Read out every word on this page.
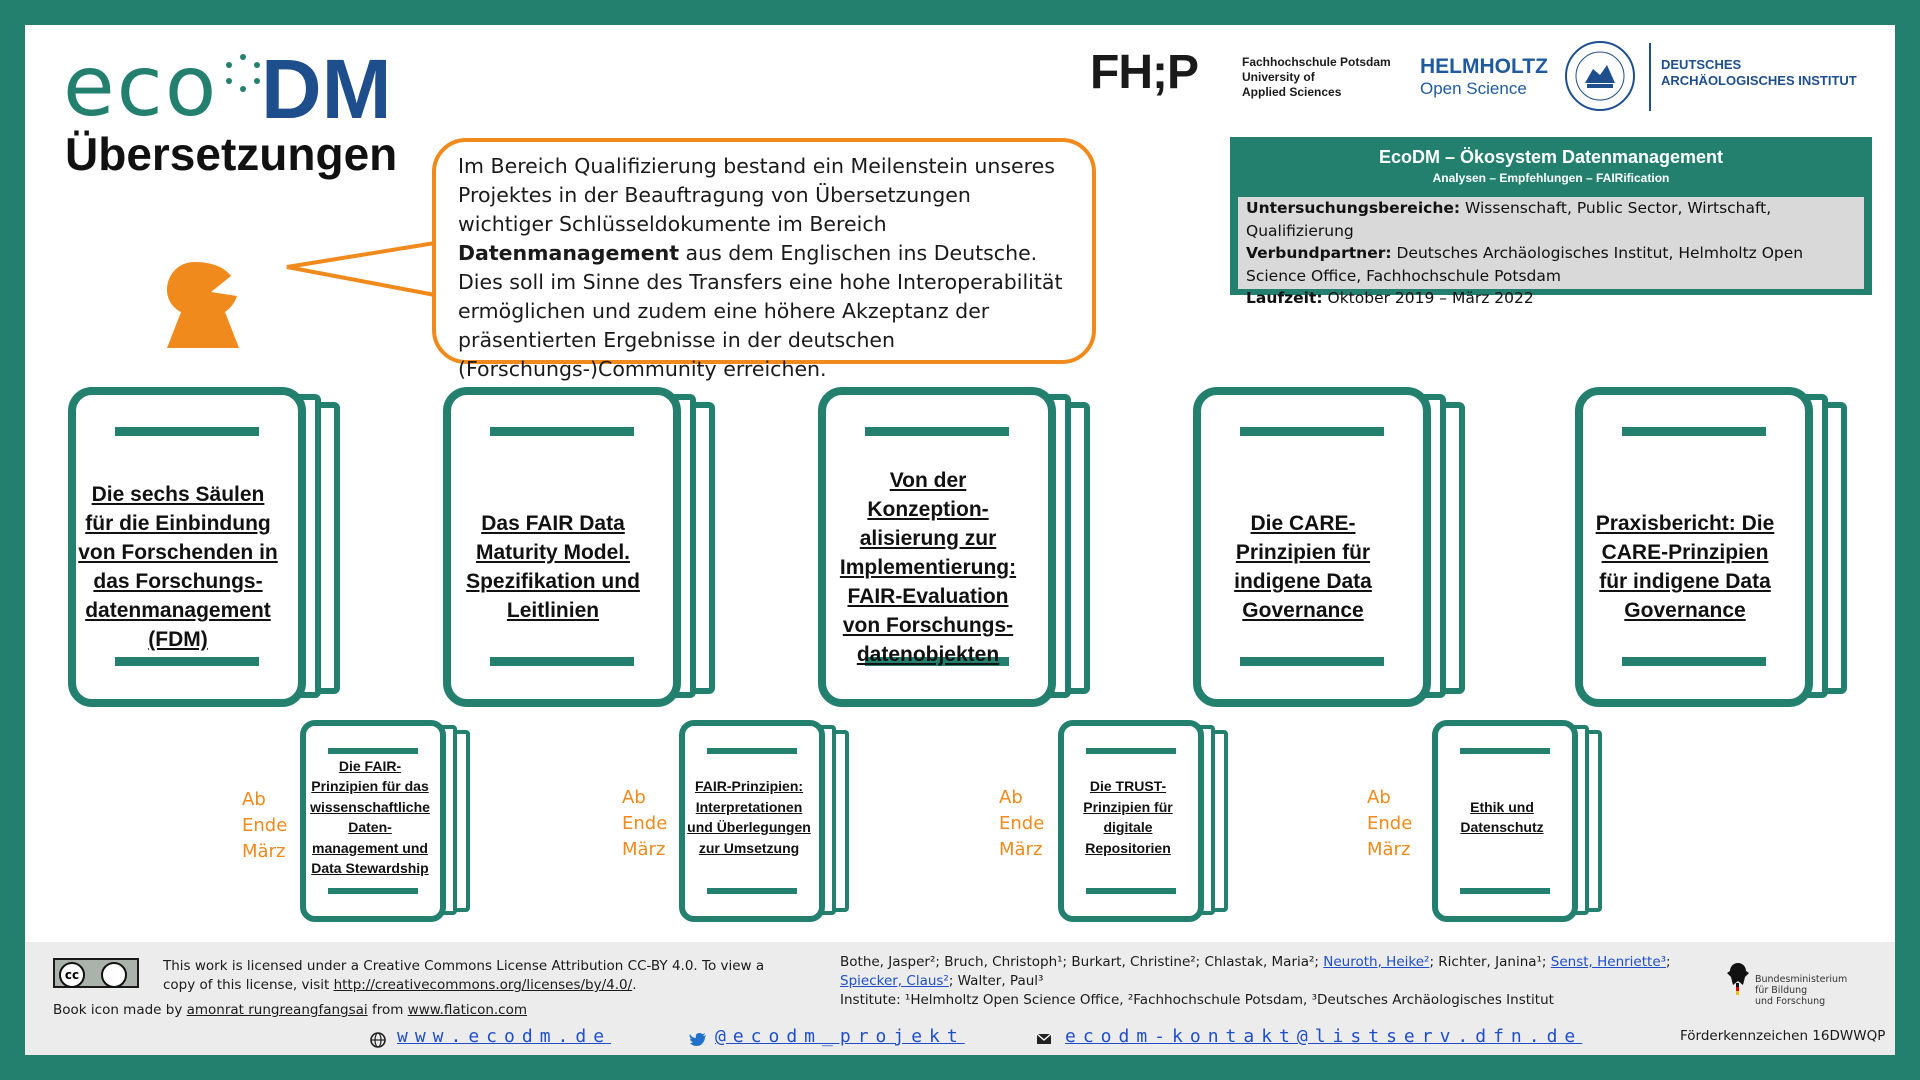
eco DM	FH;P	Fachhochschule Potsdam
University of
Applied Sciences
HELMHOLTZ
Open Science
DEUTSCHES
ARCHÄOLOGISCHES INSTITUT
Übersetzungen	Im Bereich Qualifizierung bestand ein Meilenstein unseres Projektes in der Beauftragung von Übersetzungen wichtiger Schlüsseldokumente im Bereich Datenmanagement aus dem Englischen ins Deutsche. Dies soll im Sinne des Transfers eine hohe Interoperabilität ermöglichen und zudem eine höhere Akzeptanz der präsentierten Ergebnisse in der deutschen (Forschungs-)Community erreichen.

EcoDM – Ökosystem Datenmanagement
Analysen – Empfehlungen – FAIRification
Untersuchungsbereiche: Wissenschaft, Public Sector, Wirtschaft, Qualifizierung
Verbundpartner: Deutsches Archäologisches Institut, Helmholtz Open Science Office, Fachhochschule Potsdam
Laufzeit: Oktober 2019 – März 2022
Die sechs Säulen für die Einbindung von Forschenden in das Forschungs-datenmanagement (FDM)
Das FAIR Data Maturity Model. Spezifikation und Leitlinien
Von der Konzeption-alisierung zur Implementierung: FAIR-Evaluation von Forschungs-datenobjekten
Die CARE-Prinzipien für indigene Data Governance
Praxisbericht: Die CARE-Prinzipien für indigene Data Governance
Ab
Ende
März
Ab
Ende
März
Ab
Ende
März
Ab
Ende
März
Die FAIR-Prinzipien für das wissenschaftliche Daten-management und Data Stewardship
FAIR-Prinzipien: Interpretationen und Überlegungen zur Umsetzung
Die TRUST-Prinzipien für digitale Repositorien
Ethik und Datenschutz
cc
This work is licensed under a Creative Commons License Attribution CC-BY 4.0. To view a copy of this license, visit http://creativecommons.org/licenses/by/4.0/.
Book icon made by amonrat rungreangfangsai from www.flaticon.com
Bothe, Jasper²; Bruch, Christoph¹; Burkart, Christine²; Chlastak, Maria²; Neuroth, Heike²; Richter, Janina¹; Senst, Henriette³;
Spiecker, Claus²; Walter, Paul³
Institute: ¹Helmholtz Open Science Office, ²Fachhochschule Potsdam, ³Deutsches Archäologisches Institut
Bundesministerium
für Bildung
und Forschung
www.ecodm.de	@ecodm_projekt	ecodm-kontakt@listserv.dfn.de	Förderkennzeichen 16DWWQP
